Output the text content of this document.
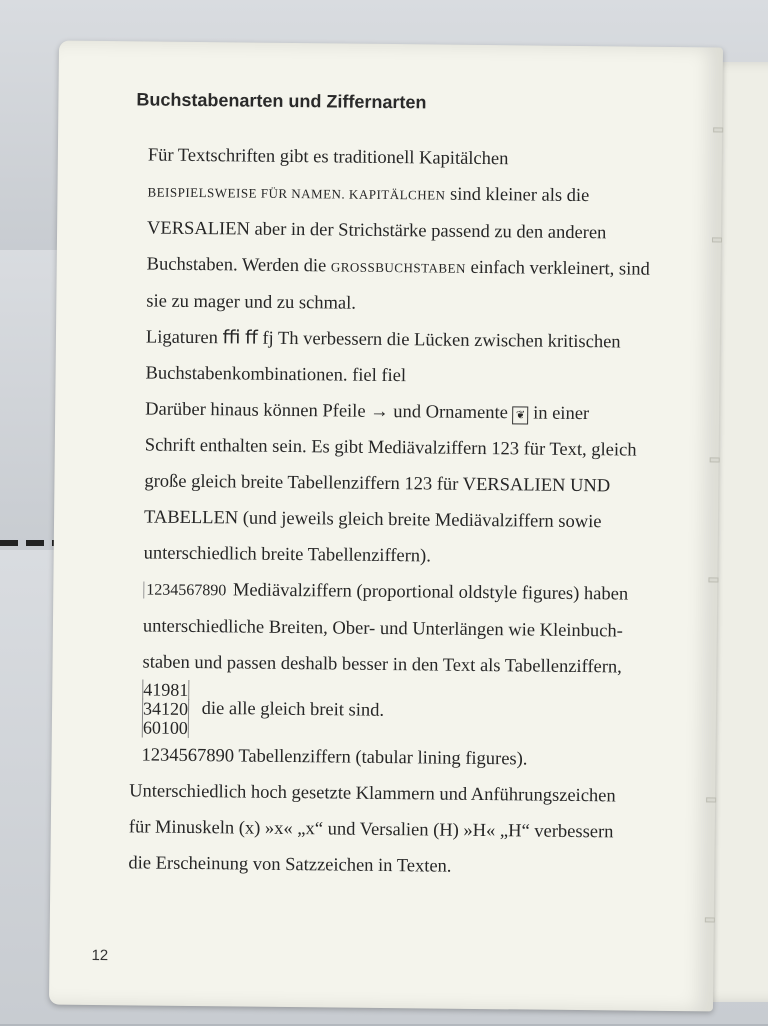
Buchstabenarten und Ziffernarten

Für Textschriften gibt es traditionell Kapitälchen
BEISPIELSWEISE FÜR NAMEN. KAPITÄLCHEN sind kleiner als die
VERSALIEN aber in der Strichstärke passend zu den anderen
Buchstaben. Werden die GROSSBUCHSTABEN einfach verkleinert, sind
sie zu mager und zu schmal.

Ligaturen ﬃ ﬀ fj Th verbessern die Lücken zwischen kritischen
Buchstabenkombinationen. fiel fiel

Darüber hinaus können Pfeile → und Ornamente ❦ in einer
Schrift enthalten sein. Es gibt Mediävalziffern 123 für Text, gleich
große gleich breite Tabellenziffern 123 für VERSALIEN UND
TABELLEN (und jeweils gleich breite Mediävalziffern sowie
unterschiedlich breite Tabellenziffern).

1234567890 Mediävalziffern (proportional oldstyle figures) haben
unterschiedliche Breiten, Ober- und Unterlängen wie Kleinbuch-
staben und passen deshalb besser in den Text als Tabellenziffern,
41981
34120
60100 die alle gleich breit sind.
1234567890 Tabellenziffern (tabular lining figures).

Unterschiedlich hoch gesetzte Klammern und Anführungszeichen
für Minuskeln (x) »x« „x“ und Versalien (H) »H« „H“ verbessern
die Erscheinung von Satzzeichen in Texten.

12
